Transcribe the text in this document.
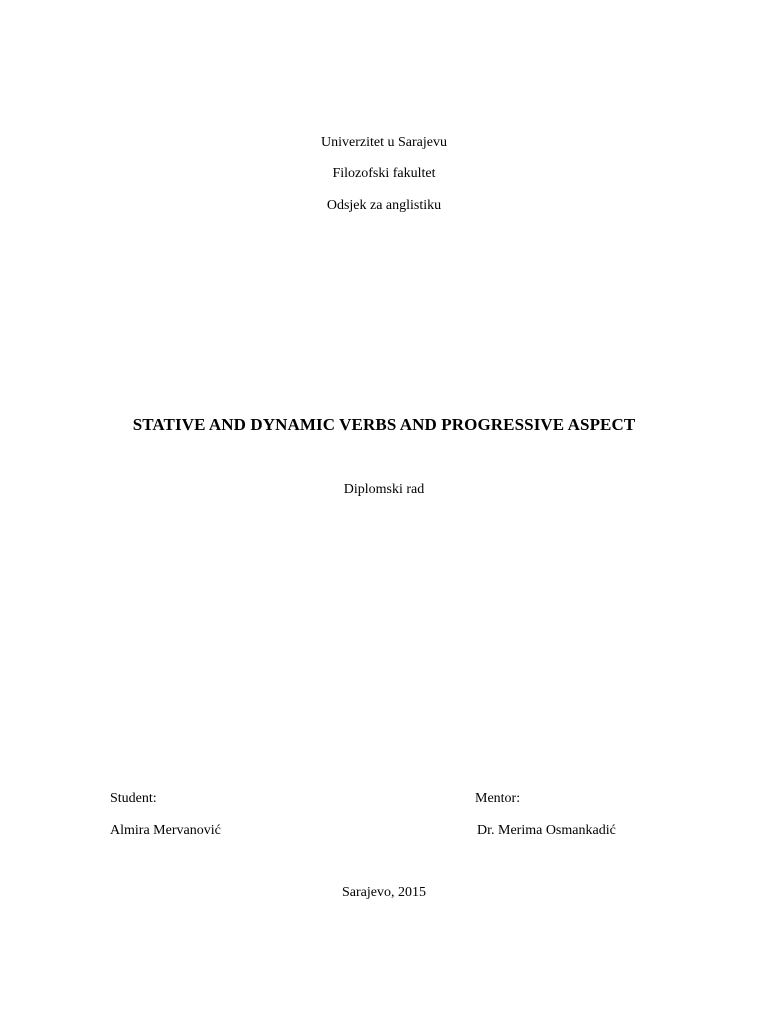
Univerzitet u Sarajevu
Filozofski fakultet
Odsjek za anglistiku
STATIVE AND DYNAMIC VERBS AND PROGRESSIVE ASPECT
Diplomski rad
Student:
Almira Mervanović
Mentor:
Dr. Merima Osmankadić
Sarajevo, 2015
